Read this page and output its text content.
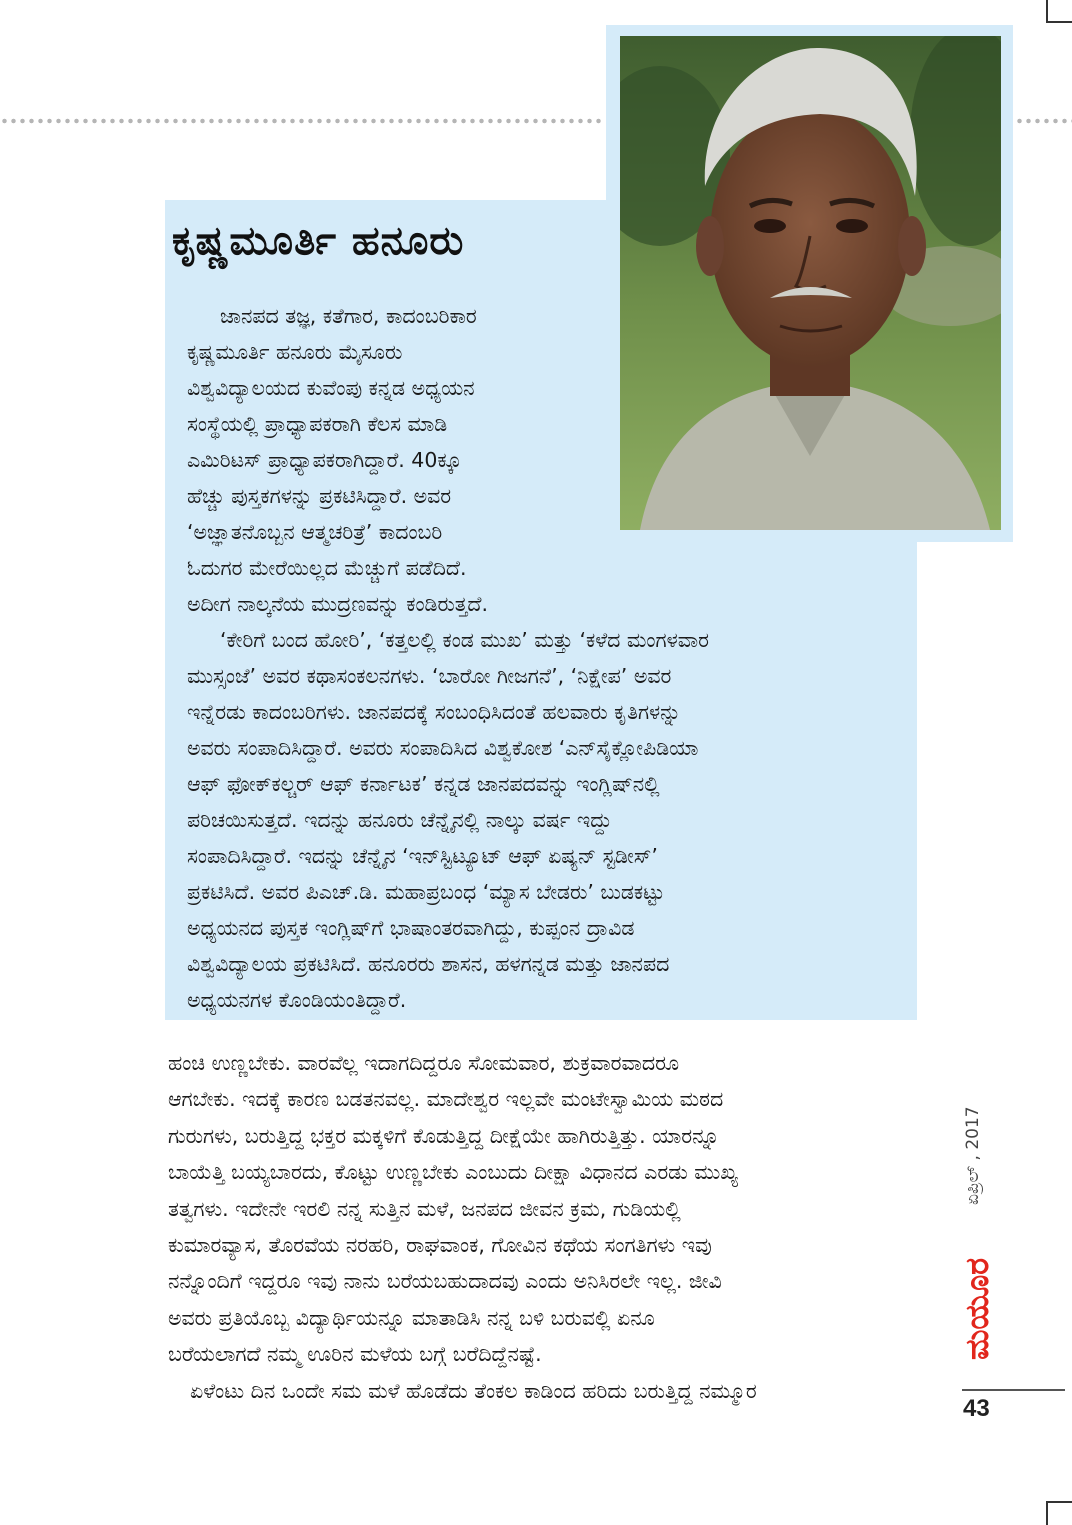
ಕೃಷ್ಣಮೂರ್ತಿ ಹನೂರು
ಜಾನಪದ ತಜ್ಞ, ಕತೆಗಾರ, ಕಾದಂಬರಿಕಾರ
ಕೃಷ್ಣಮೂರ್ತಿ ಹನೂರು ಮೈಸೂರು
ವಿಶ್ವವಿದ್ಯಾಲಯದ ಕುವೆಂಪು ಕನ್ನಡ ಅಧ್ಯಯನ
ಸಂಸ್ಥೆಯಲ್ಲಿ ಪ್ರಾಧ್ಯಾಪಕರಾಗಿ ಕೆಲಸ ಮಾಡಿ
ಎಮಿರಿಟಸ್ ಪ್ರಾಧ್ಯಾಪಕರಾಗಿದ್ದಾರೆ. 40ಕ್ಕೂ
ಹೆಚ್ಚು ಪುಸ್ತಕಗಳನ್ನು ಪ್ರಕಟಿಸಿದ್ದಾರೆ. ಅವರ
‘ಅಜ್ಞಾತನೊಬ್ಬನ ಆತ್ಮಚರಿತ್ರೆ’ ಕಾದಂಬರಿ
ಓದುಗರ ಮೇರೆಯಿಲ್ಲದ ಮೆಚ್ಚುಗೆ ಪಡೆದಿದೆ.
ಅದೀಗ ನಾಲ್ಕನೆಯ ಮುದ್ರಣವನ್ನು ಕಂಡಿರುತ್ತದೆ.
‘ಕೇರಿಗೆ ಬಂದ ಹೋರಿ’, ‘ಕತ್ತಲಲ್ಲಿ ಕಂಡ ಮುಖ’ ಮತ್ತು ‘ಕಳೆದ ಮಂಗಳವಾರ
ಮುಸ್ಸಂಜೆ’ ಅವರ ಕಥಾಸಂಕಲನಗಳು. ‘ಬಾರೋ ಗೀಜಗನೆ’, ‘ನಿಕ್ಷೇಪ’ ಅವರ
ಇನ್ನೆರಡು ಕಾದಂಬರಿಗಳು. ಜಾನಪದಕ್ಕೆ ಸಂಬಂಧಿಸಿದಂತೆ ಹಲವಾರು ಕೃತಿಗಳನ್ನು
ಅವರು ಸಂಪಾದಿಸಿದ್ದಾರೆ. ಅವರು ಸಂಪಾದಿಸಿದ ವಿಶ್ವಕೋಶ ‘ಎನ್‌ಸೈಕ್ಲೋಪಿಡಿಯಾ
ಆಫ್ ಫೋಕ್‌ಕಲ್ಚರ್ ಆಫ್ ಕರ್ನಾಟಕ’ ಕನ್ನಡ ಜಾನಪದವನ್ನು ಇಂಗ್ಲಿಷ್‌ನಲ್ಲಿ
ಪರಿಚಯಿಸುತ್ತದೆ. ಇದನ್ನು ಹನೂರು ಚೆನ್ನೈನಲ್ಲಿ ನಾಲ್ಕು ವರ್ಷ ಇದ್ದು
ಸಂಪಾದಿಸಿದ್ದಾರೆ. ಇದನ್ನು ಚೆನ್ನೈನ ‘ಇನ್‌ಸ್ಟಿಟ್ಯೂಟ್ ಆಫ್ ಏಷ್ಯನ್ ಸ್ಟಡೀಸ್’
ಪ್ರಕಟಿಸಿದೆ. ಅವರ ಪಿಎಚ್.ಡಿ. ಮಹಾಪ್ರಬಂಧ ‘ಮ್ಯಾಸ ಬೇಡರು’ ಬುಡಕಟ್ಟು
ಅಧ್ಯಯನದ ಪುಸ್ತಕ ಇಂಗ್ಲಿಷ್‌ಗೆ ಭಾಷಾಂತರವಾಗಿದ್ದು, ಕುಪ್ಪಂನ ದ್ರಾವಿಡ
ವಿಶ್ವವಿದ್ಯಾಲಯ ಪ್ರಕಟಿಸಿದೆ. ಹನೂರರು ಶಾಸನ, ಹಳಗನ್ನಡ ಮತ್ತು ಜಾನಪದ
ಅಧ್ಯಯನಗಳ ಕೊಂಡಿಯಂತಿದ್ದಾರೆ.
ಹಂಚಿ ಉಣ್ಣಬೇಕು. ವಾರವೆಲ್ಲ ಇದಾಗದಿದ್ದರೂ ಸೋಮವಾರ, ಶುಕ್ರವಾರವಾದರೂ
ಆಗಬೇಕು. ಇದಕ್ಕೆ ಕಾರಣ ಬಡತನವಲ್ಲ. ಮಾದೇಶ್ವರ ಇಲ್ಲವೇ ಮಂಟೇಸ್ವಾಮಿಯ ಮಠದ
ಗುರುಗಳು, ಬರುತ್ತಿದ್ದ ಭಕ್ತರ ಮಕ್ಕಳಿಗೆ ಕೊಡುತ್ತಿದ್ದ ದೀಕ್ಷೆಯೇ ಹಾಗಿರುತ್ತಿತ್ತು. ಯಾರನ್ನೂ
ಬಾಯೆತ್ತಿ ಬಯ್ಯಬಾರದು, ಕೊಟ್ಟು ಉಣ್ಣಬೇಕು ಎಂಬುದು ದೀಕ್ಷಾ ವಿಧಾನದ ಎರಡು ಮುಖ್ಯ
ತತ್ವಗಳು. ಇದೇನೇ ಇರಲಿ ನನ್ನ ಸುತ್ತಿನ ಮಳೆ, ಜನಪದ ಜೀವನ ಕ್ರಮ, ಗುಡಿಯಲ್ಲಿ
ಕುಮಾರವ್ಯಾಸ, ತೊರವೆಯ ನರಹರಿ, ರಾಘವಾಂಕ, ಗೋವಿನ ಕಥೆಯ ಸಂಗತಿಗಳು ಇವು
ನನ್ನೊಂದಿಗೆ ಇದ್ದರೂ ಇವು ನಾನು ಬರೆಯಬಹುದಾದವು ಎಂದು ಅನಿಸಿರಲೇ ಇಲ್ಲ. ಜೀವಿ
ಅವರು ಪ್ರತಿಯೊಬ್ಬ ವಿದ್ಯಾರ್ಥಿಯನ್ನೂ ಮಾತಾಡಿಸಿ ನನ್ನ ಬಳಿ ಬರುವಲ್ಲಿ ಏನೂ
ಬರೆಯಲಾಗದೆ ನಮ್ಮ ಊರಿನ ಮಳೆಯ ಬಗ್ಗೆ ಬರೆದಿದ್ದೆನಷ್ಟೆ.
ಏಳೆಂಟು ದಿನ ಒಂದೇ ಸಮ ಮಳೆ ಹೊಡೆದು ತೆಂಕಲ ಕಾಡಿಂದ ಹರಿದು ಬರುತ್ತಿದ್ದ ನಮ್ಮೂರ
ಏಪ್ರಿಲ್ , 2017
ಮಯೂರ
43
